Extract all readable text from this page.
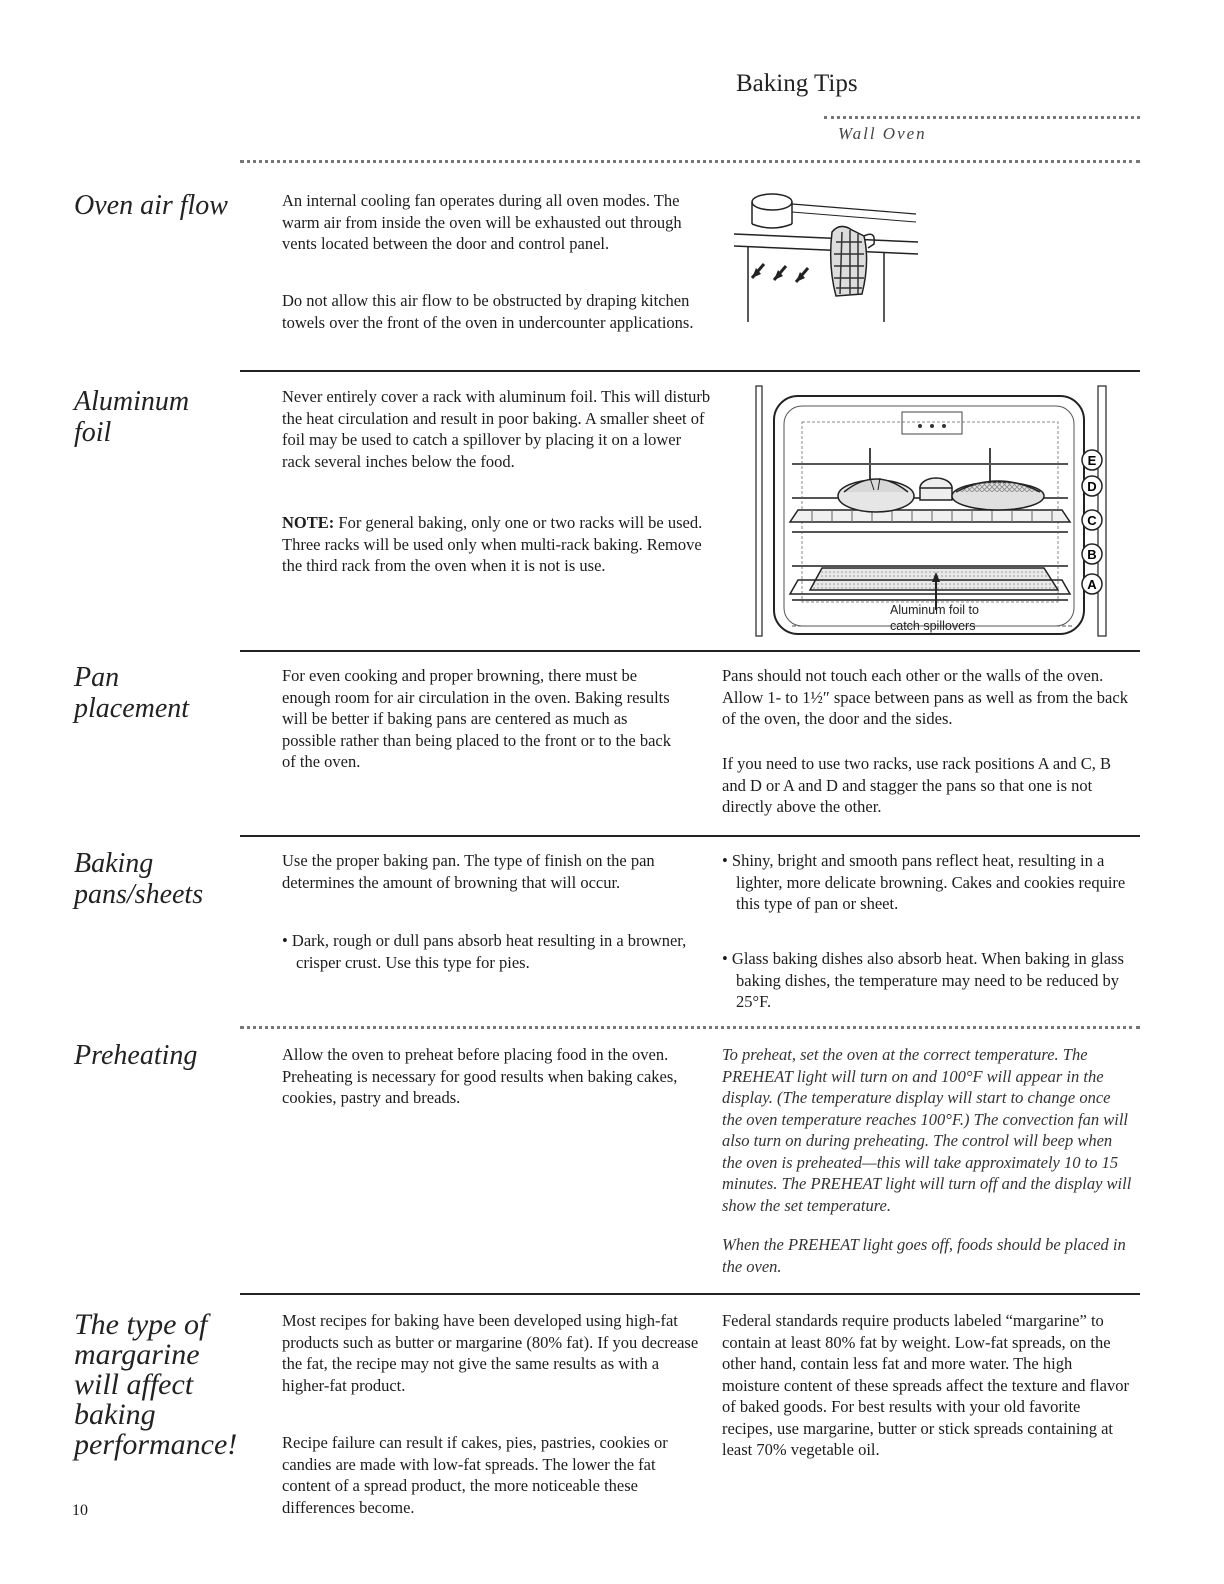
Baking Tips
Wall Oven
Oven air flow	An internal cooling fan operates during all oven modes. The warm air from inside the oven will be exhausted out through vents located between the door and control panel.

Do not allow this air flow to be obstructed by draping kitchen towels over the front of the oven in undercounter applications.

Aluminum
foil

Never entirely cover a rack with aluminum foil. This will disturb the heat circulation and result in poor baking. A smaller sheet of foil may be used to catch a spillover by placing it on a lower rack several inches below the food.

NOTE: For general baking, only one or two racks will be used. Three racks will be used only when multi-rack baking. Remove the third rack from the oven when it is not is use.

Aluminum foil to
catch spillovers
E
D
C
B
A
Pan
placement

For even cooking and proper browning, there must be enough room for air circulation in the oven. Baking results will be better if baking pans are centered as much as possible rather than being placed to the front or to the back of the oven.

Pans should not touch each other or the walls of the oven. Allow 1- to 1½″ space between pans as well as from the back of the oven, the door and the sides.

If you need to use two racks, use rack positions A and C, B and D or A and D and stagger the pans so that one is not directly above the other.

Baking
pans/sheets

Use the proper baking pan. The type of finish on the pan determines the amount of browning that will occur.

• Dark, rough or dull pans absorb heat resulting in a browner, crisper crust. Use this type for pies.

• Shiny, bright and smooth pans reflect heat, resulting in a lighter, more delicate browning. Cakes and cookies require this type of pan or sheet.

• Glass baking dishes also absorb heat. When baking in glass baking dishes, the temperature may need to be reduced by 25°F.

Preheating	Allow the oven to preheat before placing food in the oven. Preheating is necessary for good results when baking cakes, cookies, pastry and breads.

To preheat, set the oven at the correct temperature. The PREHEAT light will turn on and 100°F will appear in the display. (The temperature display will start to change once the oven temperature reaches 100°F.) The convection fan will also turn on during preheating. The control will beep when the oven is preheated—this will take approximately 10 to 15 minutes. The PREHEAT light will turn off and the display will show the set temperature.

When the PREHEAT light goes off, foods should be placed in the oven.

The type of
margarine
will affect
baking
performance!

Most recipes for baking have been developed using high-fat products such as butter or margarine (80% fat). If you decrease the fat, the recipe may not give the same results as with a higher-fat product.

Recipe failure can result if cakes, pies, pastries, cookies or candies are made with low-fat spreads. The lower the fat content of a spread product, the more noticeable these differences become.

Federal standards require products labeled “margarine” to contain at least 80% fat by weight. Low-fat spreads, on the other hand, contain less fat and more water. The high moisture content of these spreads affect the texture and flavor of baked goods. For best results with your old favorite recipes, use margarine, butter or stick spreads containing at least 70% vegetable oil.

10
